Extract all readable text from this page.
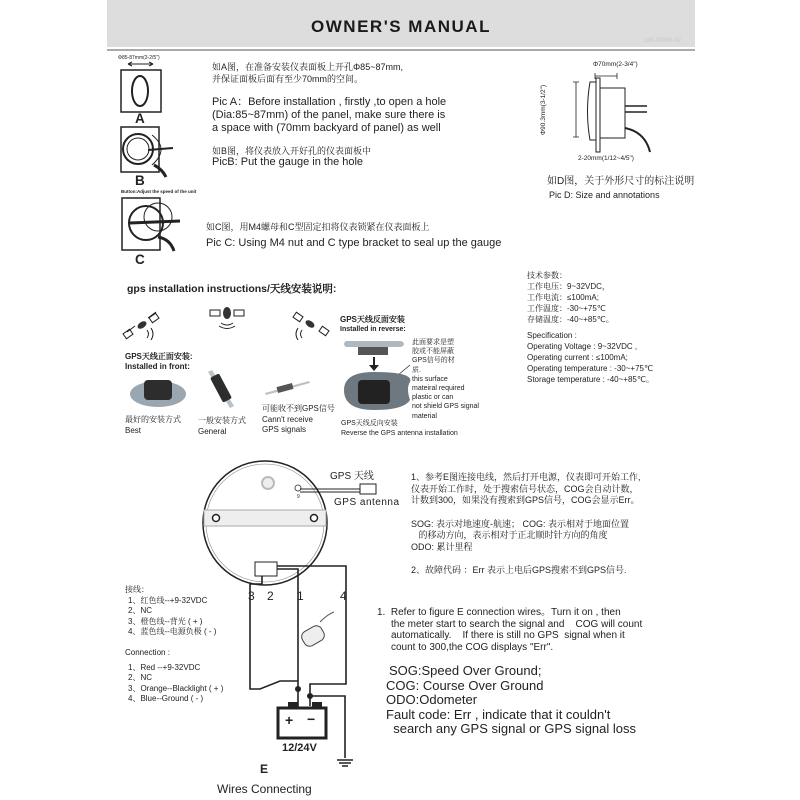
OWNER'S MANUAL
186-00009-02
Φ85-87mm(3-2/5")
A
如A图，在准备安装仪表面板上开孔Φ85~87mm,
并保证面板后面有至少70mm的空间。
Pic A：Before installation , firstly ,to open a hole
(Dia:85~87mm) of the panel, make sure there is
a space with (70mm backyard of panel) as well
B
如B图，将仪表放入开好孔的仪表面板中
PicB: Put the gauge in the hole
Button:Adjust the speed of the unit
C
如C图，用M4螺母和C型固定扣将仪表锁紧在仪表面板上
Pic C: Using M4 nut and C type bracket to seal up the gauge
Φ70mm(2-3/4")
Φ90.3mm(3-1/2")
2-20mm(1/12~4/5")
如D图，关于外形尺寸的标注说明
Pic D: Size and annotations
gps installation instructions/天线安装说明:
GPS天线正面安装:
Installed in front:
最好的安装方式
Best
一般安装方式
General
可能收不到GPS信号
Cann't receive
GPS signals
GPS天线反面安装
Installed in reverse:
此面要求是塑
胶或不能屏蔽
GPS信号的材
质.
this surface
mateiral required
plastic or can
not shield GPS signal
material
GPS天线反向安装
Reverse the GPS antenna installation
技术参数：
工作电压：9~32VDC，
工作电流：≤100mA;
工作温度：-30~+75℃
存储温度：-40~+85℃。
Specification :
Operating Voltage : 9~32VDC ,
Operating current : ≤100mA;
Operating temperature : -30~+75℃
Storage temperature : -40~+85℃。
+ −
12/24V
GPS 天线
GPS antenna
9
3 2 1	4
E
Wires Connecting
接线：
1、红色线--+9-32VDC
2、NC
3、橙色线--背光 ( + )
4、蓝色线--电源负极 ( - )
Connection :
1、Red --+9-32VDC
2、NC
3、Orange--Blacklight ( + )
4、Blue--Ground ( - )
1、参考E图连接电线，然后打开电源，仪表即可开始工作,
仪表开始工作时，处于搜索信号状态，COG会自动计数，
计数到300，如果没有搜索到GPS信号，COG会显示Err。
SOG: 表示对地速度-航速； COG: 表示相对于地面位置
的移动方向，表示相对于正北顺时针方向的角度
ODO: 累计里程
2、故障代码 ：Err 表示上电后GPS搜索不到GPS信号.
1.  Refer to figure E connection wires。Turn it on , then
the meter start to search the signal and    COG will count
automatically.    If there is still no GPS  signal when it
count to 300,the COG displays "Err".
SOG:Speed Over Ground;
COG: Course Over Ground
ODO:Odometer
Fault code: Err , indicate that it couldn't
search any GPS signal or GPS signal loss
